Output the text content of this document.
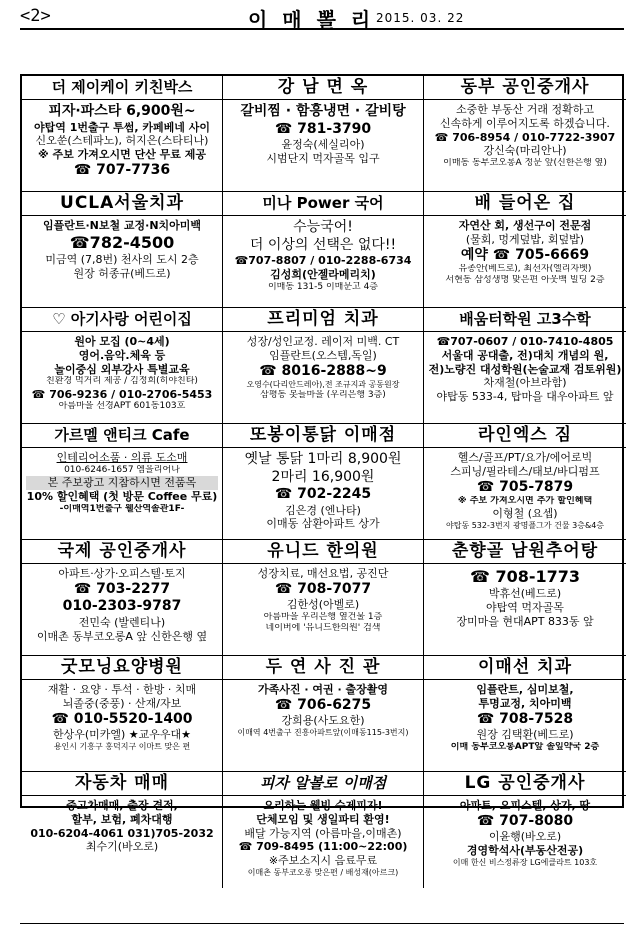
<2>	이 매 뽈 리 2015. 03. 22
더 제이케이 키친박스
피자·파스타 6,900원~
야탑역 1번출구 투썸, 카페베네 사이
신오쑨(스테파노), 허지은(스타티나)
※ 주보 가져오시면 단산 무료 제공
☎ 707-7736
강 남 면 옥
갈비찜 · 함흥냉면 · 갈비탕
☎ 781-3790
윤정숙(세실리아)
시범단지 먹자골목 입구
동부 공인중개사
소중한 부동산 거래 정확하고
신속하게 이루어지도록 하겠습니다.
☎ 706-8954 / 010-7722-3907
강신숙(마리안나)
이매동 동부코오롱A 정문 앞(신한은행 옆)
UCLA서울치과
임플란트·N보철 교정·N치아미백
☎782-4500
미금역 (7,8번) 천사의 도시 2층
원장 허종규(베드로)
미나 Power 국어
수능국어!
더 이상의 선택은 없다!!
☎707-8807 / 010-2288-6734
김성희(안젤라메리치)
이매동 131-5 이매문고 4층
배 들어온 집
자연산 회, 생선구이 전문점
(물회, 멍게덮밥, 회덮밥)
예약 ☎ 705-6669
유종안(베드로), 최선자(엘리자벳)
서현동 삼성생명 맞은편 아웃백 빌딩 2층
♡ 아기사랑 어린이집
원아 모집 (0~4세)
영어.음악.체육 등
놀이중심 외부강사 특별교육
친환경 먹거리 제공 / 김정희(히야친타)
☎ 706-9236 / 010-2706-5453
아름마을 선경APT 601동103호
프리미엄 치과
성장/성인교정. 레이저 미백. CT
임플란트(오스템,독일)
☎ 8016-2888~9
오영수(다리안드레아),전 조규지과 공동원장
삼평동 봇들마을 (우리은행 3층)
배움터학원 고3수학
☎707-0607 / 010-7410-4805
서울대 공대출, 전)대치 개념의 원,
전)노량진 대성학원(논술교재 검토위원)
차재철(아브라함)
야탑동 533-4, 탑마을 대우아파트 앞
가르멜 앤티크 Cafe
인테리어소품 · 의류 도소매
010-6246-1657 엠을리어나
본 주보광고 지참하시면 전품목
10% 할인혜택 (첫 방문 Coffee 무료)
-이매역1번출구 웰산역솔관1F-
또봉이통닭 이매점
옛날 통닭 1마리 8,900원
2마리 16,900원
☎ 702-2245
김은경 (엔나타)
이매동 삼환아파트 상가
라인엑스 짐
헬스/골프/PT/요가/에어로빅
스피닝/필라테스/태보/바디펌프
☎ 705-7879
※ 주보 가져오시면 추가 할인혜택
이형철 (요셉)
야탑동 532-3번지 광명플그가 건물 3층&4층
국제 공인중개사
아파트·상가·오피스텔·토지
☎ 703-2277
010-2303-9787
전민숙 (발렌티나)
이매촌 동부코오롱A 앞 신한은행 옆
유니드 한의원
성장치료, 매선요법, 공진단
☎ 708-7077
김한성(아벨로)
아름마을 우리은행 옆건물 1층
네이버에 '유니드한의원' 검색
춘향골 남원추어탕
☎ 708-1773
박휴선(베드로)
야탑역 먹자골목
장미마을 현대APT 833동 앞
굿모닝요양병원
재활 · 요양 · 투석 · 한방 · 치매
뇌졸중(중풍) · 산재/자보
☎ 010-5520-1400
한상우(미카엘) ★교우우대★
용인시 기흥구 홍덕지구 이마트 맞은 편
두 연 사 진 관
가족사진 · 여권 · 출장촬영
☎ 706-6275
강희용(사도요한)
이매역 4번출구 진흥아파트앞(이매동115-3번지)
이매선 치과
임플란트, 심미보철,
투명교정, 치아미백
☎ 708-7528
원장 김택환(베드로)
이매 동부코오롱APT앞 솔잎약국 2층
자동차 매매
중고차매매, 출장 견적,
할부, 보험, 폐차대행
010-6204-4061 031)705-2032
최수기(바오로)
피자 알볼로 이매점
요리하는 웰빙 수제피자!
단체모임 및 생일파티 환영!
배달 가능지역 (아름마을,이매촌)
☎ 709-8495 (11:00~22:00)
※주보소지시 음료무료
이매촌 동부코오롱 맞은편 / 배성재(아르크)
LG 공인중개사
아파트, 오피스텔, 상가, 땅
☎ 707-8080
이윤행(바오로)
경영학석사(부동산전공)
이매 한신 비스정류장 LG에클라트 103호
